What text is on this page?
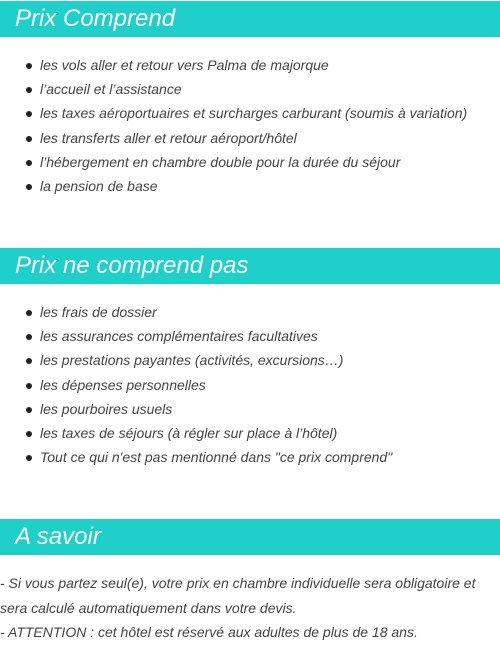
Prix Comprend
les vols aller et retour vers Palma de majorque
l’accueil et l’assistance
les taxes aéroportuaires et surcharges carburant (soumis à variation)
les transferts aller et retour aéroport/hôtel
l’hébergement en chambre double pour la durée du séjour
la pension de base
Prix ne comprend pas
les frais de dossier
les assurances complémentaires facultatives
les prestations payantes (activités, excursions…)
les dépenses personnelles
les pourboires usuels
les taxes de séjours (à régler sur place à l’hôtel)
Tout ce qui n'est pas mentionné dans "ce prix comprend"
A savoir

- Si vous partez seul(e), votre prix en chambre individuelle sera obligatoire et sera calculé automatiquement dans votre devis.

- ATTENTION : cet hôtel est réservé aux adultes de plus de 18 ans.
